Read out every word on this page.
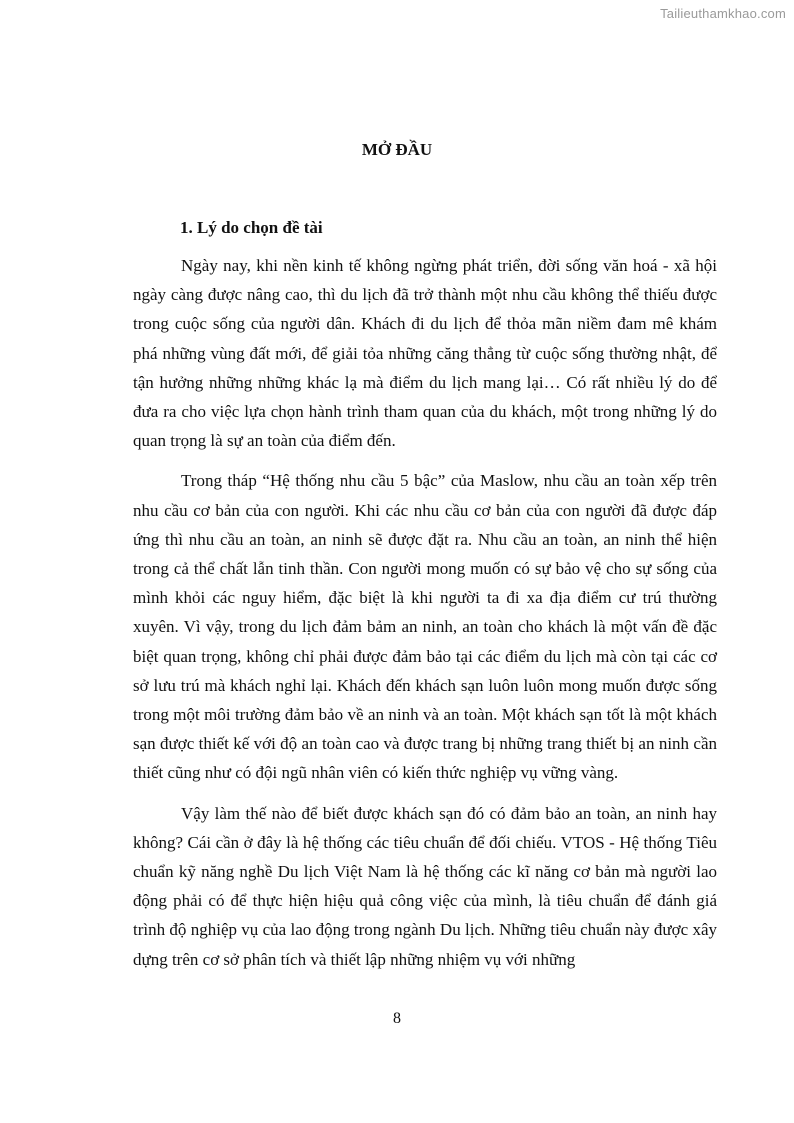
Tailieuthamkhao.com
MỞ ĐẦU
1. Lý do chọn đề tài

Ngày nay, khi nền kinh tế không ngừng phát triển, đời sống văn hoá - xã hội ngày càng được nâng cao, thì du lịch đã trở thành một nhu cầu không thể thiếu được trong cuộc sống của người dân. Khách đi du lịch để thỏa mãn niềm đam mê khám phá những vùng đất mới, để giải tỏa những căng thẳng từ cuộc sống thường nhật, để tận hưởng những những khác lạ mà điểm du lịch mang lại… Có rất nhiều lý do để đưa ra cho việc lựa chọn hành trình tham quan của du khách, một trong những lý do quan trọng là sự an toàn của điểm đến.

Trong tháp “Hệ thống nhu cầu 5 bậc” của Maslow, nhu cầu an toàn xếp trên nhu cầu cơ bản của con người. Khi các nhu cầu cơ bản của con người đã được đáp ứng thì nhu cầu an toàn, an ninh sẽ được đặt ra. Nhu cầu an toàn, an ninh thể hiện trong cả thể chất lẫn tinh thần. Con người mong muốn có sự bảo vệ cho sự sống của mình khỏi các nguy hiểm, đặc biệt là khi người ta đi xa địa điểm cư trú thường xuyên. Vì vậy, trong du lịch đảm bảm an ninh, an toàn cho khách là một vấn đề đặc biệt quan trọng, không chỉ phải được đảm bảo tại các điểm du lịch mà còn tại các cơ sở lưu trú mà khách nghỉ lại. Khách đến khách sạn luôn luôn mong muốn được sống trong một môi trường đảm bảo về an ninh và an toàn. Một khách sạn tốt là một khách sạn được thiết kế với độ an toàn cao và được trang bị những trang thiết bị an ninh cần thiết cũng như có đội ngũ nhân viên có kiến thức nghiệp vụ vững vàng.

Vậy làm thế nào để biết được khách sạn đó có đảm bảo an toàn, an ninh hay không? Cái cần ở đây là hệ thống các tiêu chuẩn để đối chiếu. VTOS - Hệ thống Tiêu chuẩn kỹ năng nghề Du lịch Việt Nam là hệ thống các kĩ năng cơ bản mà người lao động phải có để thực hiện hiệu quả công việc của mình, là tiêu chuẩn để đánh giá trình độ nghiệp vụ của lao động trong ngành Du lịch. Những tiêu chuẩn này được xây dựng trên cơ sở phân tích và thiết lập những nhiệm vụ với những

8
